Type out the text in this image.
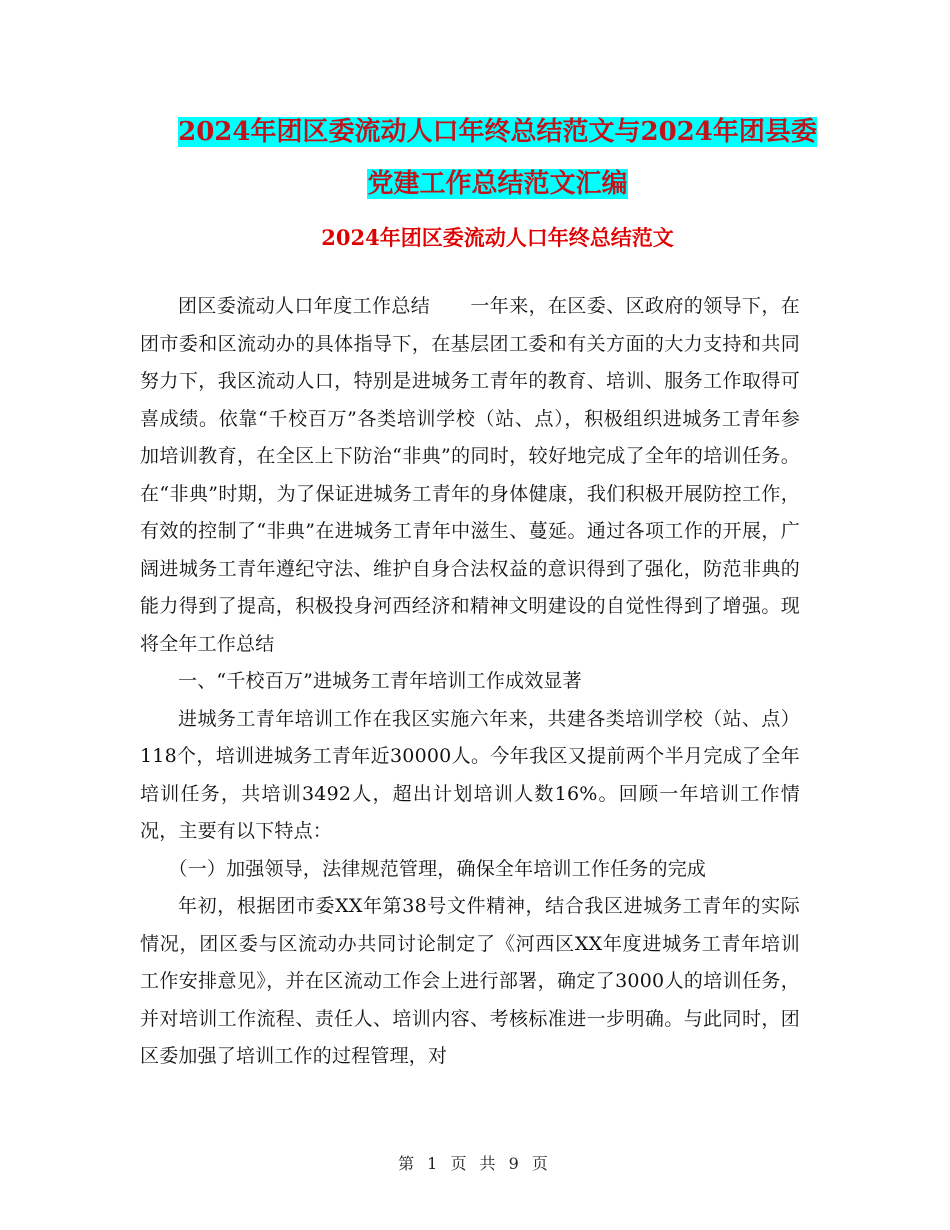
2024年团区委流动人口年终总结范文与2024年团县委
党建工作总结范文汇编
2024年团区委流动人口年终总结范文

团区委流动人口年度工作总结 一年来，在区委、区政府的领导下，在团市委和区流动办的具体指导下，在基层团工委和有关方面的大力支持和共同努力下，我区流动人口，特别是进城务工青年的教育、培训、服务工作取得可喜成绩。依靠“千校百万”各类培训学校（站、点），积极组织进城务工青年参加培训教育，在全区上下防治“非典”的同时，较好地完成了全年的培训任务。在“非典”时期，为了保证进城务工青年的身体健康，我们积极开展防控工作，有效的控制了“非典”在进城务工青年中滋生、蔓延。通过各项工作的开展，广阔进城务工青年遵纪守法、维护自身合法权益的意识得到了强化，防范非典的能力得到了提高，积极投身河西经济和精神文明建设的自觉性得到了增强。现将全年工作总结

一、“千校百万”进城务工青年培训工作成效显著

进城务工青年培训工作在我区实施六年来，共建各类培训学校（站、点）118个，培训进城务工青年近30000人。今年我区又提前两个半月完成了全年培训任务，共培训3492人，超出计划培训人数16%。回顾一年培训工作情况，主要有以下特点：

（一）加强领导，法律规范管理，确保全年培训工作任务的完成

年初，根据团市委XX年第38号文件精神，结合我区进城务工青年的实际情况，团区委与区流动办共同讨论制定了《河西区XX年度进城务工青年培训工作安排意见》，并在区流动工作会上进行部署，确定了3000人的培训任务，并对培训工作流程、责任人、培训内容、考核标准进一步明确。与此同时，团区委加强了培训工作的过程管理，对

第 1 页 共 9 页
